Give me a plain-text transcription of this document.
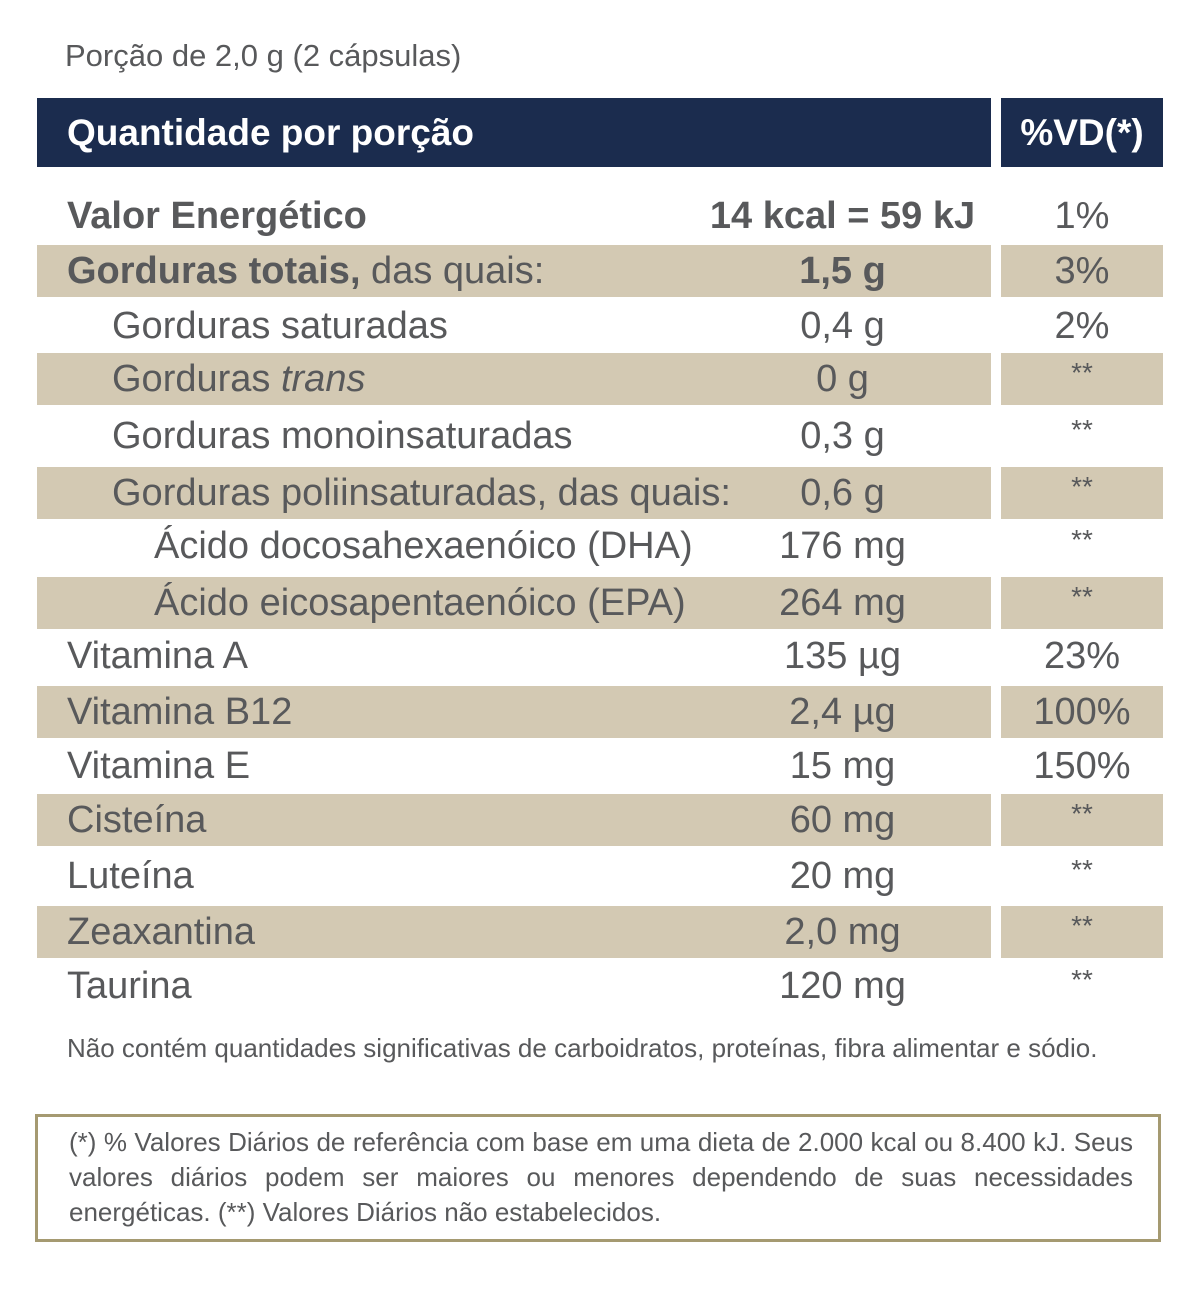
Porção de 2,0 g (2 cápsulas)
Quantidade por porção	%VD(*)
Valor Energético	14 kcal = 59 kJ	1%
Gorduras totais, das quais:	1,5 g	3%
Gorduras saturadas	0,4 g	2%
Gorduras trans	0 g	**
Gorduras monoinsaturadas	0,3 g	**
Gorduras poliinsaturadas, das quais:	0,6 g	**
Ácido docosahexaenóico (DHA)	176 mg	**
Ácido eicosapentaenóico (EPA)	264 mg	**
Vitamina A	135 µg	23%
Vitamina B12	2,4 µg	100%
Vitamina E	15 mg	150%
Cisteína	60 mg	**
Luteína	20 mg	**
Zeaxantina	2,0 mg	**
Taurina	120 mg	**
Não contém quantidades significativas de carboidratos, proteínas, fibra alimentar e sódio.
(*) % Valores Diários de referência com base em uma dieta de 2.000 kcal ou 8.400 kJ. Seus valores diários podem ser maiores ou menores dependendo de suas necessidades energéticas. (**) Valores Diários não estabelecidos.
